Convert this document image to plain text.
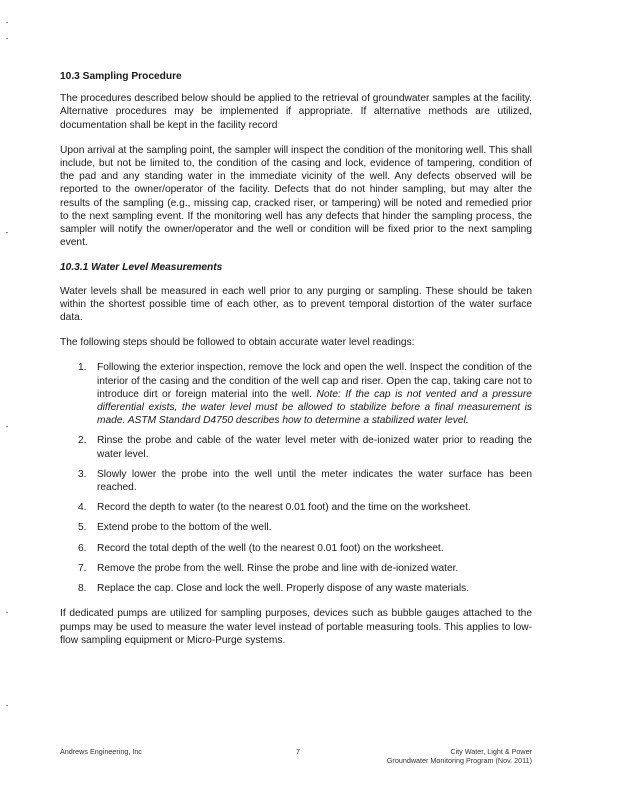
10.3 Sampling Procedure

The procedures described below should be applied to the retrieval of groundwater samples at the facility. Alternative procedures may be implemented if appropriate. If alternative methods are utilized, documentation shall be kept in the facility record

Upon arrival at the sampling point, the sampler will inspect the condition of the monitoring well. This shall include, but not be limited to, the condition of the casing and lock, evidence of tampering, condition of the pad and any standing water in the immediate vicinity of the well. Any defects observed will be reported to the owner/operator of the facility. Defects that do not hinder sampling, but may alter the results of the sampling (e.g., missing cap, cracked riser, or tampering) will be noted and remedied prior to the next sampling event. If the monitoring well has any defects that hinder the sampling process, the sampler will notify the owner/operator and the well or condition will be fixed prior to the next sampling event.

10.3.1 Water Level Measurements

Water levels shall be measured in each well prior to any purging or sampling. These should be taken within the shortest possible time of each other, as to prevent temporal distortion of the water surface data.

The following steps should be followed to obtain accurate water level readings:

1. Following the exterior inspection, remove the lock and open the well. Inspect the condition of the interior of the casing and the condition of the well cap and riser. Open the cap, taking care not to introduce dirt or foreign material into the well. Note: If the cap is not vented and a pressure differential exists, the water level must be allowed to stabilize before a final measurement is made. ASTM Standard D4750 describes how to determine a stabilized water level.
2. Rinse the probe and cable of the water level meter with de-ionized water prior to reading the water level.
3. Slowly lower the probe into the well until the meter indicates the water surface has been reached.
4. Record the depth to water (to the nearest 0.01 foot) and the time on the worksheet.
5. Extend probe to the bottom of the well.
6. Record the total depth of the well (to the nearest 0.01 foot) on the worksheet.
7. Remove the probe from the well. Rinse the probe and line with de-ionized water.
8. Replace the cap. Close and lock the well. Properly dispose of any waste materials.

If dedicated pumps are utilized for sampling purposes, devices such as bubble gauges attached to the pumps may be used to measure the water level instead of portable measuring tools. This applies to low-flow sampling equipment or Micro-Purge systems.

Andrews Engineering, Inc	7	City Water, Light & Power
Groundwater Monitoring Program (Nov. 2011)
